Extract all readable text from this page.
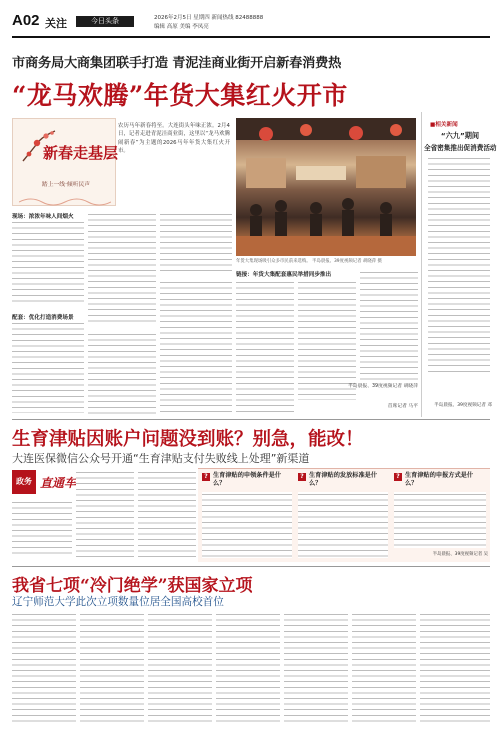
A02 关注	今日头条	2026年2月5日 星期四 新闻热线 82488888
编辑 高原 美编 李凤亮
市商务局大商集团联手打造 青泥洼商业街开启新春消费热
“龙马欢腾”年货大集红火开市
新春走基层
踏上一线·倾听民声
农历马年新春将至。大连街头年味正浓。2月4日，记者走进青泥洼商业街，这里以“龙马欢腾闹新春”为主题的2026马年年货大集红火开市。
现场：浓浓年味人间烟火
配套：优化打造消费场景
年货大集现场吸引众多市民前来选购。 半岛晨报、39度视频记者 胡晓萍 摄
链接：年货大集配套惠民举措同步推出
半岛晨报、39度视频记者 胡晓萍
首席记者 马平
■相关新闻
“六九”期间
全省密集推出促消费活动
半岛晨报、39度视频记者 邓
生育津贴因账户问题没到账？别急，能改！
大连医保微信公众号开通“生育津贴支付失败线上处理”新渠道
政务 直通车	? 生育津贴的申领条件是什么？
? 生育津贴的发放标准是什么？
? 生育津贴的申报方式是什么？
半岛晨报、39度视频记者 吴
我省七项“冷门绝学”获国家立项
辽宁师范大学此次立项数量位居全国高校首位
